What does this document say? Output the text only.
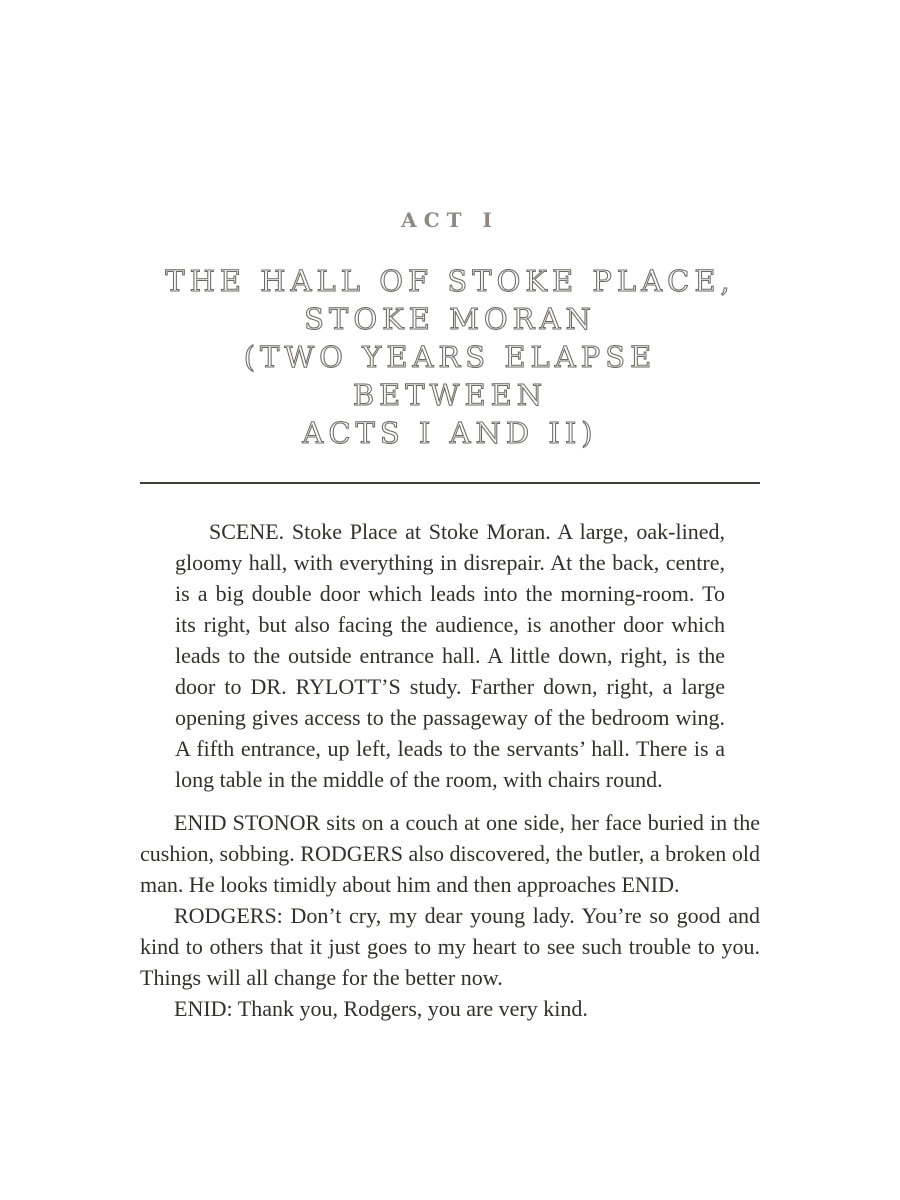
ACT I
THE HALL OF STOKE PLACE,
STOKE MORAN
(TWO YEARS ELAPSE BETWEEN
ACTS I AND II)

SCENE. Stoke Place at Stoke Moran. A large, oak-lined, gloomy hall, with everything in disrepair. At the back, centre, is a big double door which leads into the morning-room. To its right, but also facing the audience, is another door which leads to the outside entrance hall. A little down, right, is the door to DR. RYLOTT’S study. Farther down, right, a large opening gives access to the passageway of the bedroom wing. A fifth entrance, up left, leads to the servants’ hall. There is a long table in the middle of the room, with chairs round.

ENID STONOR sits on a couch at one side, her face buried in the cushion, sobbing. RODGERS also discovered, the butler, a broken old man. He looks timidly about him and then approaches ENID.

RODGERS: Don’t cry, my dear young lady. You’re so good and kind to others that it just goes to my heart to see such trouble to you. Things will all change for the better now.

ENID: Thank you, Rodgers, you are very kind.
